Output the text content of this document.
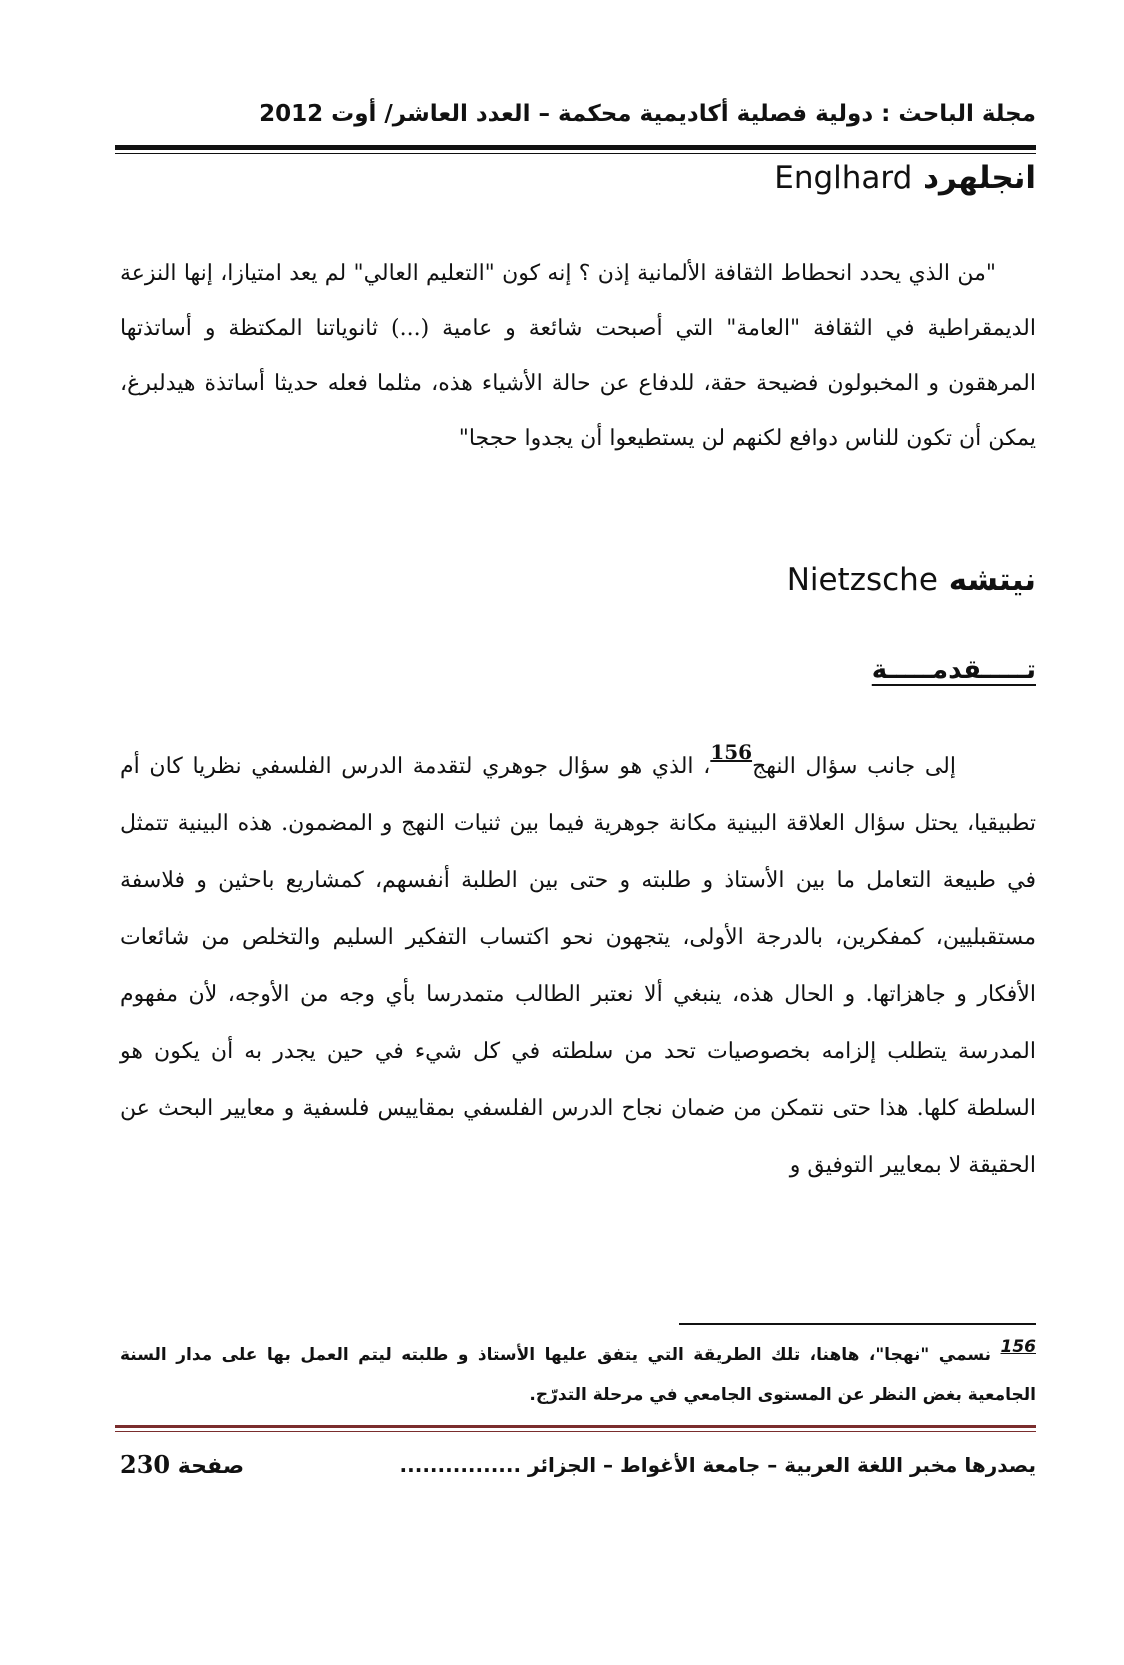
مجلة الباحث : دولية فصلية أكاديمية محكمة – العدد العاشر/ أوت 2012
انجلهرد Englhard

"من الذي يحدد انحطاط الثقافة الألمانية إذن ؟ إنه كون "التعليم العالي" لم يعد امتيازا، إنها النزعة الديمقراطية في الثقافة "العامة" التي أصبحت شائعة و عامية (...) ثانوياتنا المكتظة و أساتذتها المرهقون و المخبولون فضيحة حقة، للدفاع عن حالة الأشياء هذه، مثلما فعله حديثا أساتذة هيدلبرغ، يمكن أن تكون للناس دوافع لكنهم لن يستطيعوا أن يجدوا حججا"

نيتشه Nietzsche
تـــــقدمـــــة

إلى جانب سؤال النهج156، الذي هو سؤال جوهري لتقدمة الدرس الفلسفي نظريا كان أم تطبيقيا، يحتل سؤال العلاقة البينية مكانة جوهرية فيما بين ثنيات النهج و المضمون. هذه البينية تتمثل في طبيعة التعامل ما بين الأستاذ و طلبته و حتى بين الطلبة أنفسهم، كمشاريع باحثين و فلاسفة مستقبليين، كمفكرين، بالدرجة الأولى، يتجهون نحو اكتساب التفكير السليم والتخلص من شائعات الأفكار و جاهزاتها. و الحال هذه، ينبغي ألا نعتبر الطالب متمدرسا بأي وجه من الأوجه، لأن مفهوم المدرسة يتطلب إلزامه بخصوصيات تحد من سلطته في كل شيء في حين يجدر به أن يكون هو السلطة كلها. هذا حتى نتمكن من ضمان نجاح الدرس الفلسفي بمقاييس فلسفية و معايير البحث عن الحقيقة لا بمعايير التوفيق و

156 نسمي "نهجا"، هاهنا، تلك الطريقة التي يتفق عليها الأستاذ و طلبته ليتم العمل بها على مدار السنة الجامعية بغض النظر عن المستوى الجامعي في مرحلة التدرّج.

يصدرها مخبر اللغة العربية – جامعة الأغواط – الجزائر ................
صفحة 230
